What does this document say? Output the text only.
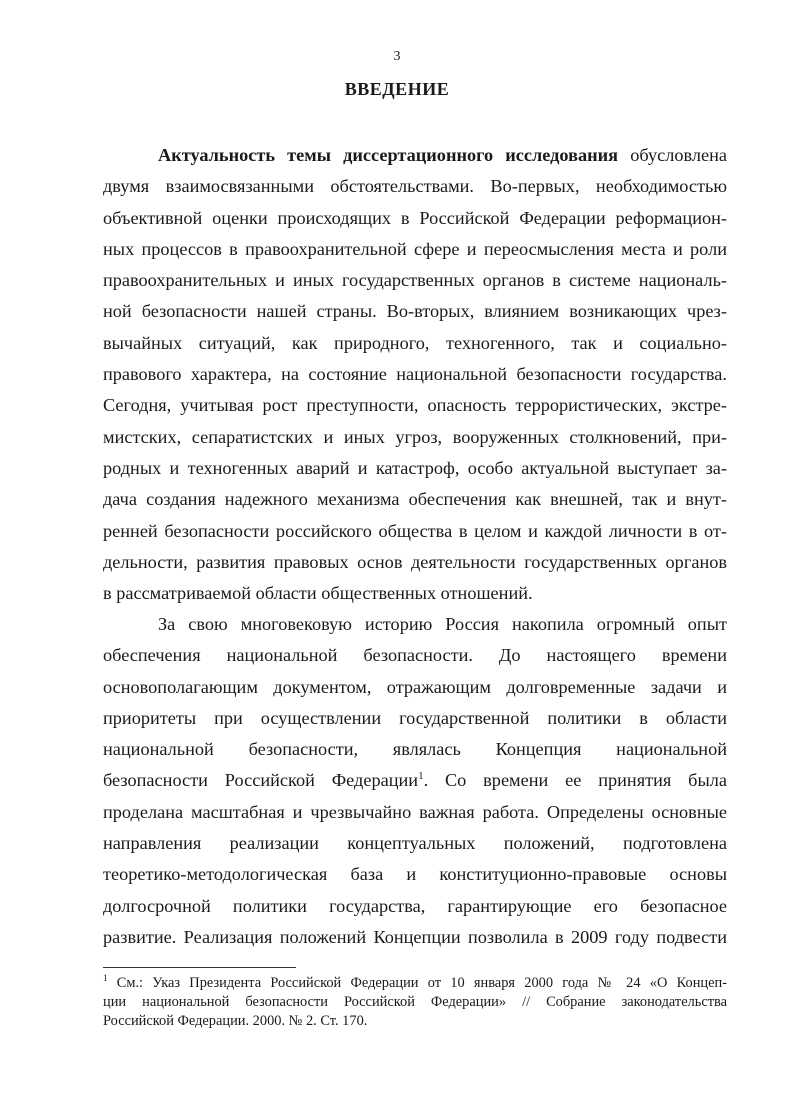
3
ВВЕДЕНИЕ
Актуальность темы диссертационного исследования обусловлена
двумя взаимосвязанными обстоятельствами. Во-первых, необходимостью
объективной оценки происходящих в Российской Федерации реформацион-
ных процессов в правоохранительной сфере и переосмысления места и роли
правоохранительных и иных государственных органов в системе националь-
ной безопасности нашей страны. Во-вторых, влиянием возникающих чрез-
вычайных ситуаций, как природного, техногенного, так и социально-
правового характера, на состояние национальной безопасности государства.
Сегодня, учитывая рост преступности, опасность террористических, экстре-
мистских, сепаратистских и иных угроз, вооруженных столкновений, при-
родных и техногенных аварий и катастроф, особо актуальной выступает за-
дача создания надежного механизма обеспечения как внешней, так и внут-
ренней безопасности российского общества в целом и каждой личности в от-
дельности, развития правовых основ деятельности государственных органов
в рассматриваемой области общественных отношений.
За свою многовековую историю Россия накопила огромный опыт
обеспечения национальной безопасности. До настоящего времени
основополагающим документом, отражающим долговременные задачи и
приоритеты при осуществлении государственной политики в области
национальной безопасности, являлась Концепция национальной
безопасности Российской Федерации$^1$. Со времени ее принятия была
проделана масштабная и чрезвычайно важная работа. Определены основные
направления реализации концептуальных положений, подготовлена
теоретико-методологическая база и конституционно-правовые основы
долгосрочной политики государства, гарантирующие его безопасное
развитие. Реализация положений Концепции позволила в 2009 году подвести
$^1$ См.: Указ Президента Российской Федерации от 10 января 2000 года № 24 «О Концеп-
ции национальной безопасности Российской Федерации» // Собрание законодательства
Российской Федерации. 2000. № 2. Ст. 170.
